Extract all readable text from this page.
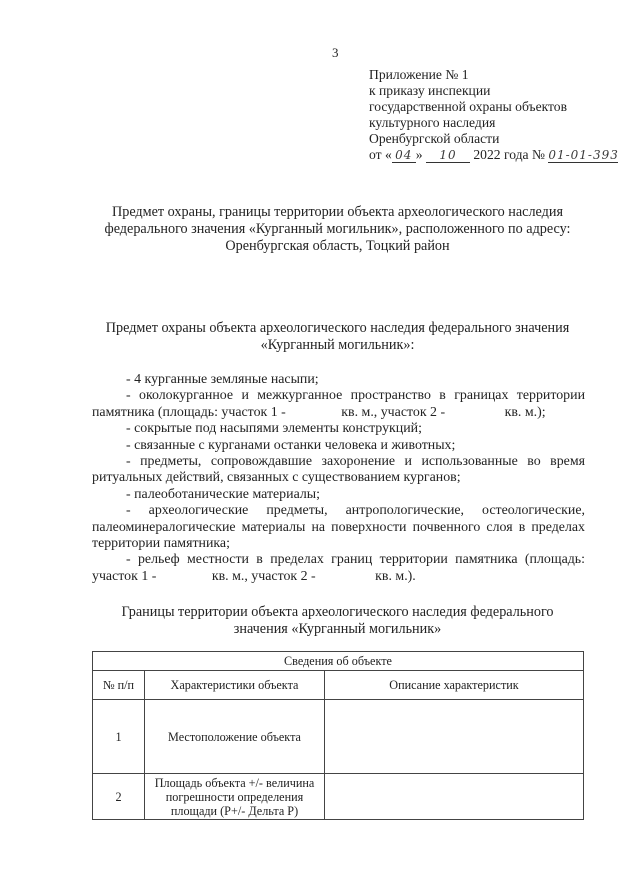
3
Приложение № 1
к приказу инспекции
государственной охраны объектов
культурного наследия
Оренбургской области
от « 04 » 10 2022 года № 01-01-393
Предмет охраны, границы территории объекта археологического наследия
федерального значения «Курганный могильник», расположенного по адресу:
Оренбургская область, Тоцкий район
Предмет охраны объекта археологического наследия федерального значения
«Курганный могильник»:

- 4 курганные земляные насыпи;

- околокурганное и межкурганное пространство в границах территории памятника (площадь: участок 1 -	кв. м., участок 2 -	кв. м.);

- сокрытые под насыпями элементы конструкций;

- связанные с курганами останки человека и животных;

- предметы, сопровождавшие захоронение и использованные во время ритуальных действий, связанных с существованием курганов;

- палеоботанические материалы;

- археологические предметы, антропологические, остеологические, палеоминералогические материалы на поверхности почвенного слоя в пределах территории памятника;

- рельеф местности в пределах границ территории памятника (площадь: участок 1 -	кв. м., участок 2 -	кв. м.).

Границы территории объекта археологического наследия федерального
значения «Курганный могильник»
Сведения об объекте		
№ п/п	Характеристики объекта	Описание характеристик
1	Местоположение объекта	
2	Площадь объекта +/- величина погрешности определения площади (P+/- Дельта P)	
